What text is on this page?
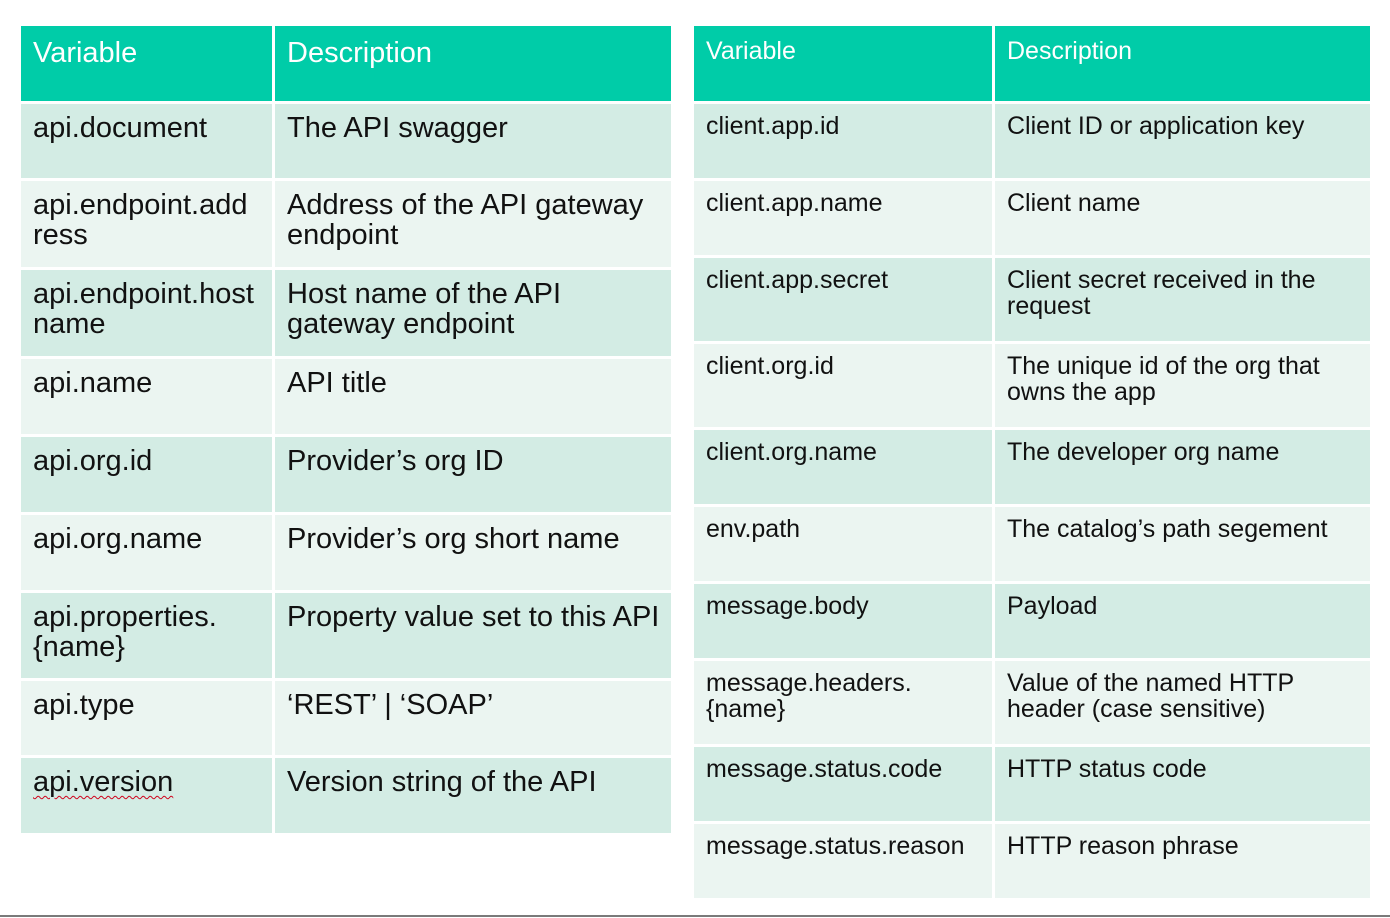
Variable	Description
api.document	The API swagger
api.endpoint.add ress	Address of the API gateway endpoint
api.endpoint.host name	Host name of the API gateway endpoint
api.name	API title
api.org.id	Provider’s org ID
api.org.name	Provider’s org short name
api.properties.{name}	Property value set to this API
api.type	‘REST’ | ‘SOAP’
api.version	Version string of the API
Variable	Description
client.app.id	Client ID or application key
client.app.name	Client name
client.app.secret	Client secret received in the request
client.org.id	The unique id of the org that owns the app
client.org.name	The developer org name
env.path	The catalog’s path segement
message.body	Payload
message.headers.{name}	Value of the named HTTP header (case sensitive)
message.status.code	HTTP status code
message.status.reason	HTTP reason phrase
